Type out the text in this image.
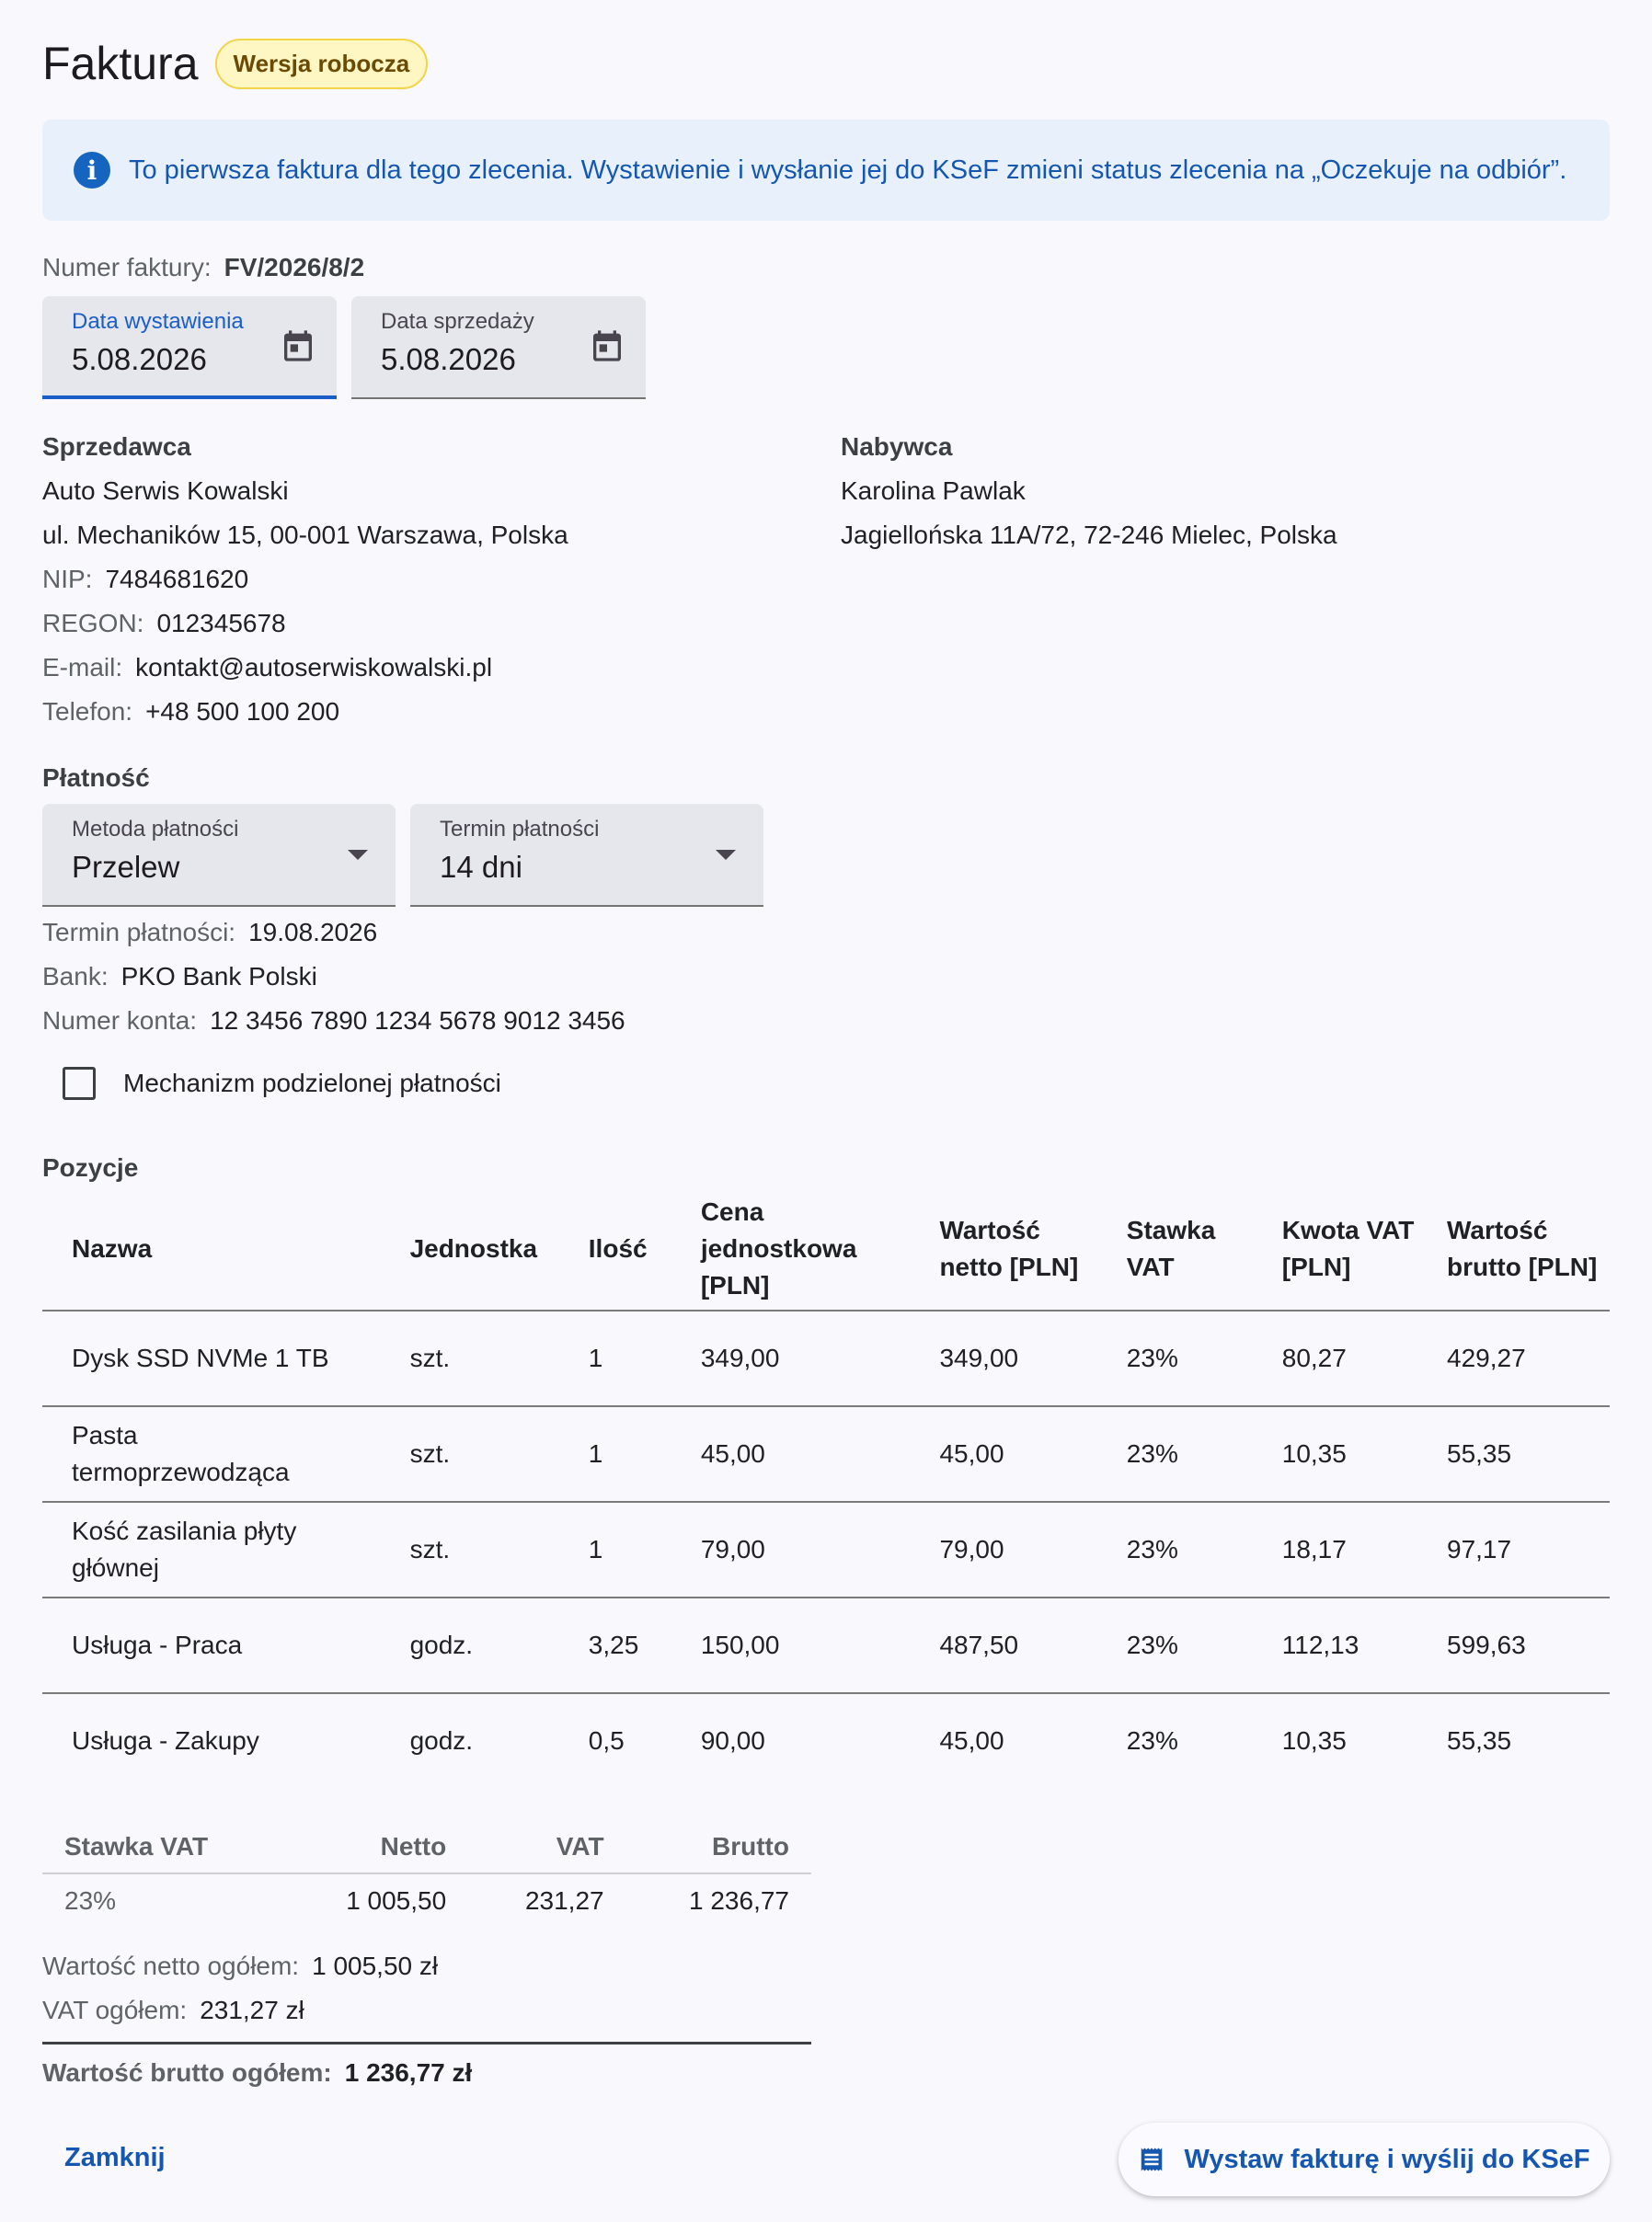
Faktura	Wersja robocza
i	To pierwsza faktura dla tego zlecenia. Wystawienie i wysłanie jej do KSeF zmieni status zlecenia na „Oczekuje na odbiór”.
Numer faktury: FV/2026/8/2
Data wystawienia
5.08.2026
Data sprzedaży
5.08.2026
Sprzedawca
Auto Serwis Kowalski
ul. Mechaników 15, 00-001 Warszawa, Polska
NIP: 7484681620
REGON: 012345678
E-mail: kontakt@autoserwiskowalski.pl
Telefon: +48 500 100 200
Nabywca
Karolina Pawlak
Jagiellońska 11A/72, 72-246 Mielec, Polska
Płatność
Metoda płatności
Przelew
Termin płatności
14 dni
Termin płatności: 19.08.2026
Bank: PKO Bank Polski
Numer konta: 12 3456 7890 1234 5678 9012 3456
Mechanizm podzielonej płatności
Pozycje
Nazwa	Jednostka	Ilość	Cena jednostkowa [PLN]	Wartość netto [PLN]	Stawka VAT	Kwota VAT [PLN]	Wartość brutto [PLN]
Dysk SSD NVMe 1 TB	szt.	1	349,00	349,00	23%	80,27	429,27
Pasta termoprzewodząca	szt.	1	45,00	45,00	23%	10,35	55,35
Kość zasilania płyty głównej	szt.	1	79,00	79,00	23%	18,17	97,17
Usługa - Praca	godz.	3,25	150,00	487,50	23%	112,13	599,63
Usługa - Zakupy	godz.	0,5	90,00	45,00	23%	10,35	55,35
Stawka VAT	Netto	VAT	Brutto
23%	1 005,50	231,27	1 236,77
Wartość netto ogółem: 1 005,50 zł
VAT ogółem: 231,27 zł
Wartość brutto ogółem: 1 236,77 zł
Zamknij	Wystaw fakturę i wyślij do KSeF
